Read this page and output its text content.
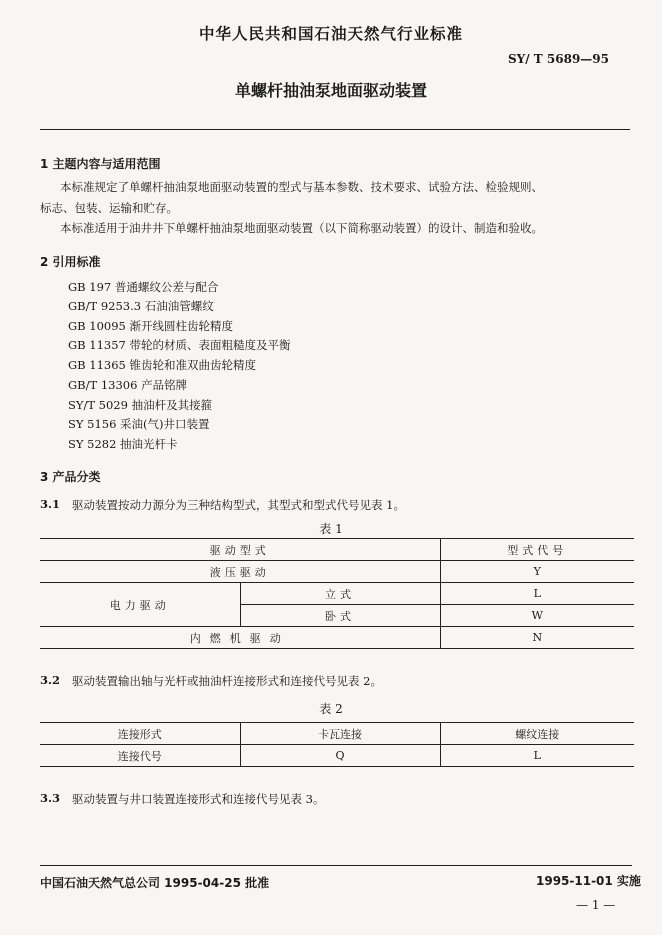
中华人民共和国石油天然气行业标准
SY/ T 5689—95
单螺杆抽油泵地面驱动装置
1 主题内容与适用范围
本标准规定了单螺杆抽油泵地面驱动装置的型式与基本参数、技术要求、试验方法、检验规则、
标志、包装、运输和贮存。
本标准适用于油井井下单螺杆抽油泵地面驱动装置（以下简称驱动装置）的设计、制造和验收。
2 引用标准
GB 197 普通螺纹公差与配合
GB/T 9253.3 石油油管螺纹
GB 10095 渐开线圆柱齿轮精度
GB 11357 带轮的材质、表面粗糙度及平衡
GB 11365 锥齿轮和准双曲齿轮精度
GB/T 13306 产品铭牌
SY/T 5029 抽油杆及其接箍
SY 5156 采油(气)井口装置
SY 5282 抽油光杆卡
3 产品分类
3.1 驱动装置按动力源分为三种结构型式，其型式和型式代号见表 1。
表 1
驱动型式		型式代号
液压驱动		Y
电力驱动	立式	L
	卧式	W
内燃机驱动		N
3.2 驱动装置输出轴与光杆或抽油杆连接形式和连接代号见表 2。
表 2
连接形式	卡瓦连接	螺纹连接
连接代号	Q	L
3.3 驱动装置与井口装置连接形式和连接代号见表 3。
中国石油天然气总公司 1995-04-25 批准	1995-11-01 实施
— 1 —
